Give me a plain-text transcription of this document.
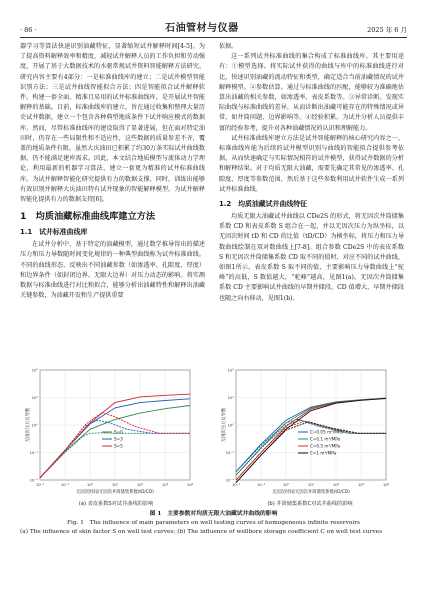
· 86 ·	石油管材与仪器	2025 年 6 月

器学习等算法快速识别油藏特征，显著缩短试井解释时间[4-5]。为了提高资料解释效率和精度，减轻试井解释人员的工作负担和劳动强度，开展了基于大数据技术的水驱常规试井资料智能解释方法研究。研究内容主要有4部分：一是标准曲线库的建立；二是试井模型智能识别方法；三是试井曲线智能拟合方法；四是智能拟合试井解释软件。构建一套全面、精准且易用的试井标准曲线库，是开展试井智能解释的基础。目前，标准曲线库的建立，旨在通过收集和整理大量历史试井数据，建立一个包含各种典型地质条件下试井响应模式的数据库。然而，尽管标准曲线库的建设取得了显著进展，但在面对特定油田时，仍存在一些局限性和不适应性，这些数据的质量参差不齐，覆盖的地质条件有限。虽然大庆油田已积累了约30万条实际试井曲线数据，仍不能满足建库需求。因此，本文结合地质模型与流体动力学理论，利用最新的机器学习算法，建立一套更为精准的试井标准曲线库。为试井解释智能化研究提供有力的数据支撑，同时，训练出能够有效识别并解释大庆油田特有试井现象的智能解释模型，为试井解释智能化提供有力的数据支持[6]。

1　均质油藏标准曲线库建立方法
1.1　试井标准曲线库

在试井分析中，基于特定的油藏模型，通过数学推导得出的描述压力和压力导数随时间变化规律的一种典型曲线称为试井标准曲线。不同的曲线形态，反映出不同油藏参数（如渗透率、孔隙度、厚度）和边界条件（如封闭边界、无限大边界）对压力动态的影响。将实测数据与标准曲线进行对比和拟合，能够分析出油藏特性和解释出油藏关键参数，为油藏开发和生产提供重要

依据。

这一系列试井标准曲线的集合构成了标准曲线库。其主要用途有：①模型选择。将实际试井获得的曲线与库中的标准曲线进行对比，快速识别油藏的流动特征和类型，确定适合当前油藏情况的试井解释模型。②参数估算。通过与标准曲线的匹配，能够较为准确地估算出油藏的相关参数，如渗透率、表皮系数等。③异常诊断。发现实际曲线与标准曲线的差异，从而诊断出油藏可能存在的特殊情况或异常，如井筒问题、边界影响等。④经验积累。为试井分析人员提供丰富的经验参考，提升对各种油藏情况的认识和理解能力。

试井标准曲线库建立方法是试井智能解释的核心研究内容之一。标准曲线库能为后续的试井模型识别与曲线的智能拟合提供参考依据，从而快速确定与实际情况相符的试井模型，获得试井数据的分析和解释结果。对于均质无限大油藏，需要先确定其常见的渗透率、孔隙度、厚度等参数范围，然后基于这些参数利用试井软件生成一系列试井标准曲线。

1.2　均质油藏试井曲线特征

均质无限大油藏试井曲线以 CDe2S 的形式，将无因次井筒储集系数 CD 和表皮系数 S 组合在一起，并以无因次压力为纵坐标，以无因次时间 tD 和 CD 的比值（tD/CD）为横坐标，将压力和压力导数曲线绘制在双对数曲线上[7-8]。组合参数 CDe2S 中的表皮系数 S 和无因次井筒储集系数 CD 取不同的值时，对应不同的试井曲线，如图1所示。表皮系数 S 取不同的值，主要影响压力导数曲线上“驼峰”的高低，S 数值越大，“驼峰”越高，见图1(a)。无因次井筒储集系数 CD 主要影响试井曲线的早期井储段，CD 值增大，早期井储段也随之向右移动，见图1(b)。

10⁻²	10⁻¹	10⁰	10¹	10²	10³	10⁴
10⁻²
10⁻¹
10⁰
10¹
10²
无因次时间/无因次井筒储集系数(tD/CD)
无因次压力及导数	S=0
S=3
S=5
10⁻²	10⁻¹	10⁰	10¹	10²	10³	10⁴
10⁻²
10⁻¹
10⁰
10¹
10²
无因次时间/无因次井筒储集系数(tD/CD)
无因次压力及导数	C=0.05 m³/MPa
C=0.1 m³/MPa
C=0.5 m³/MPa
C=1 m³/MPa
(a) 表皮系数S对试井曲线的影响	(b) 井筒储集系数C对试井曲线的影响
图 1　主要参数对均质无限大油藏试井曲线的影响
Fig. 1　The influence of main parameters on well testing curves of homogeneous infinite reservoirs
(a) The influence of skin factor S on well test curves; (b) The influence of wellbore storage coefficient C on well test curves
